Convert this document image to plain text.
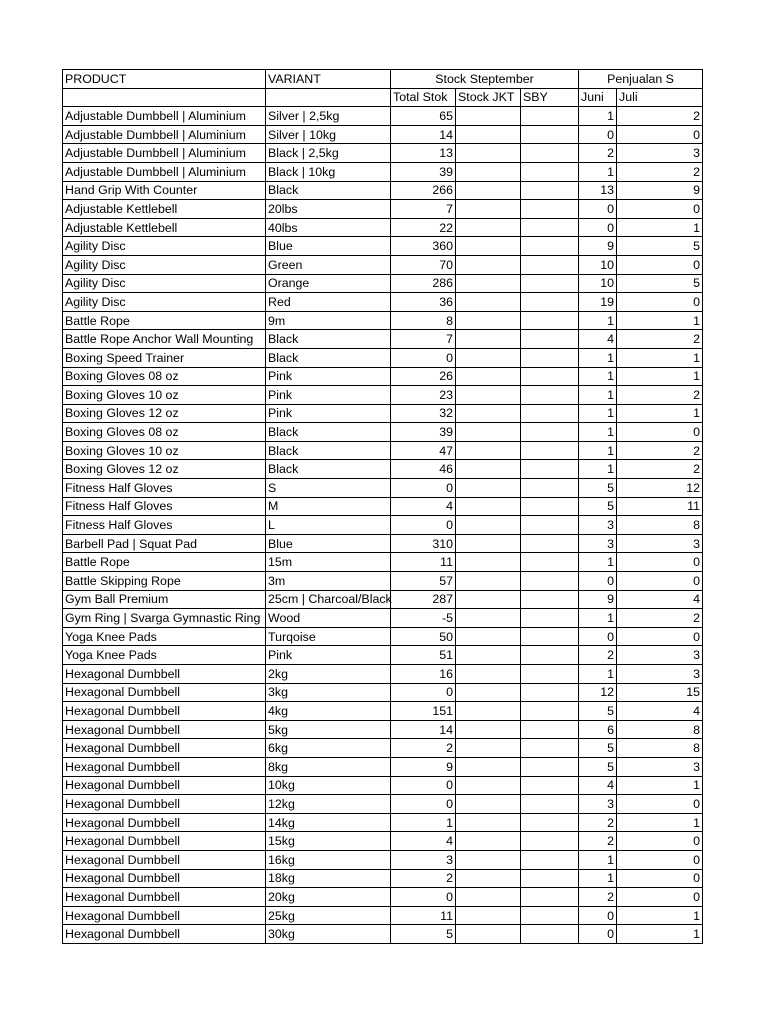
PRODUCT	VARIANT	Stock Steptember			Penjualan S	
		Total Stok	Stock JKT	SBY	Juni	Juli
Adjustable Dumbbell | Aluminium	Silver | 2,5kg	65			1	2
Adjustable Dumbbell | Aluminium	Silver | 10kg	14			0	0
Adjustable Dumbbell | Aluminium	Black | 2,5kg	13			2	3
Adjustable Dumbbell | Aluminium	Black | 10kg	39			1	2
Hand Grip With Counter	Black	266			13	9
Adjustable Kettlebell	20lbs	7			0	0
Adjustable Kettlebell	40lbs	22			0	1
Agility Disc	Blue	360			9	5
Agility Disc	Green	70			10	0
Agility Disc	Orange	286			10	5
Agility Disc	Red	36			19	0
Battle Rope	9m	8			1	1
Battle Rope Anchor Wall Mounting	Black	7			4	2
Boxing Speed Trainer	Black	0			1	1
Boxing Gloves 08 oz	Pink	26			1	1
Boxing Gloves 10 oz	Pink	23			1	2
Boxing Gloves 12 oz	Pink	32			1	1
Boxing Gloves 08 oz	Black	39			1	0
Boxing Gloves 10 oz	Black	47			1	2
Boxing Gloves 12 oz	Black	46			1	2
Fitness Half Gloves	S	0			5	12
Fitness Half Gloves	M	4			5	11
Fitness Half Gloves	L	0			3	8
Barbell Pad | Squat Pad	Blue	310			3	3
Battle Rope	15m	11			1	0
Battle Skipping Rope	3m	57			0	0
Gym Ball Premium	25cm | Charcoal/Black	287			9	4
Gym Ring | Svarga Gymnastic Ring	Wood	-5			1	2
Yoga Knee Pads	Turqoise	50			0	0
Yoga Knee Pads	Pink	51			2	3
Hexagonal Dumbbell	2kg	16			1	3
Hexagonal Dumbbell	3kg	0			12	15
Hexagonal Dumbbell	4kg	151			5	4
Hexagonal Dumbbell	5kg	14			6	8
Hexagonal Dumbbell	6kg	2			5	8
Hexagonal Dumbbell	8kg	9			5	3
Hexagonal Dumbbell	10kg	0			4	1
Hexagonal Dumbbell	12kg	0			3	0
Hexagonal Dumbbell	14kg	1			2	1
Hexagonal Dumbbell	15kg	4			2	0
Hexagonal Dumbbell	16kg	3			1	0
Hexagonal Dumbbell	18kg	2			1	0
Hexagonal Dumbbell	20kg	0			2	0
Hexagonal Dumbbell	25kg	11			0	1
Hexagonal Dumbbell	30kg	5			0	1
